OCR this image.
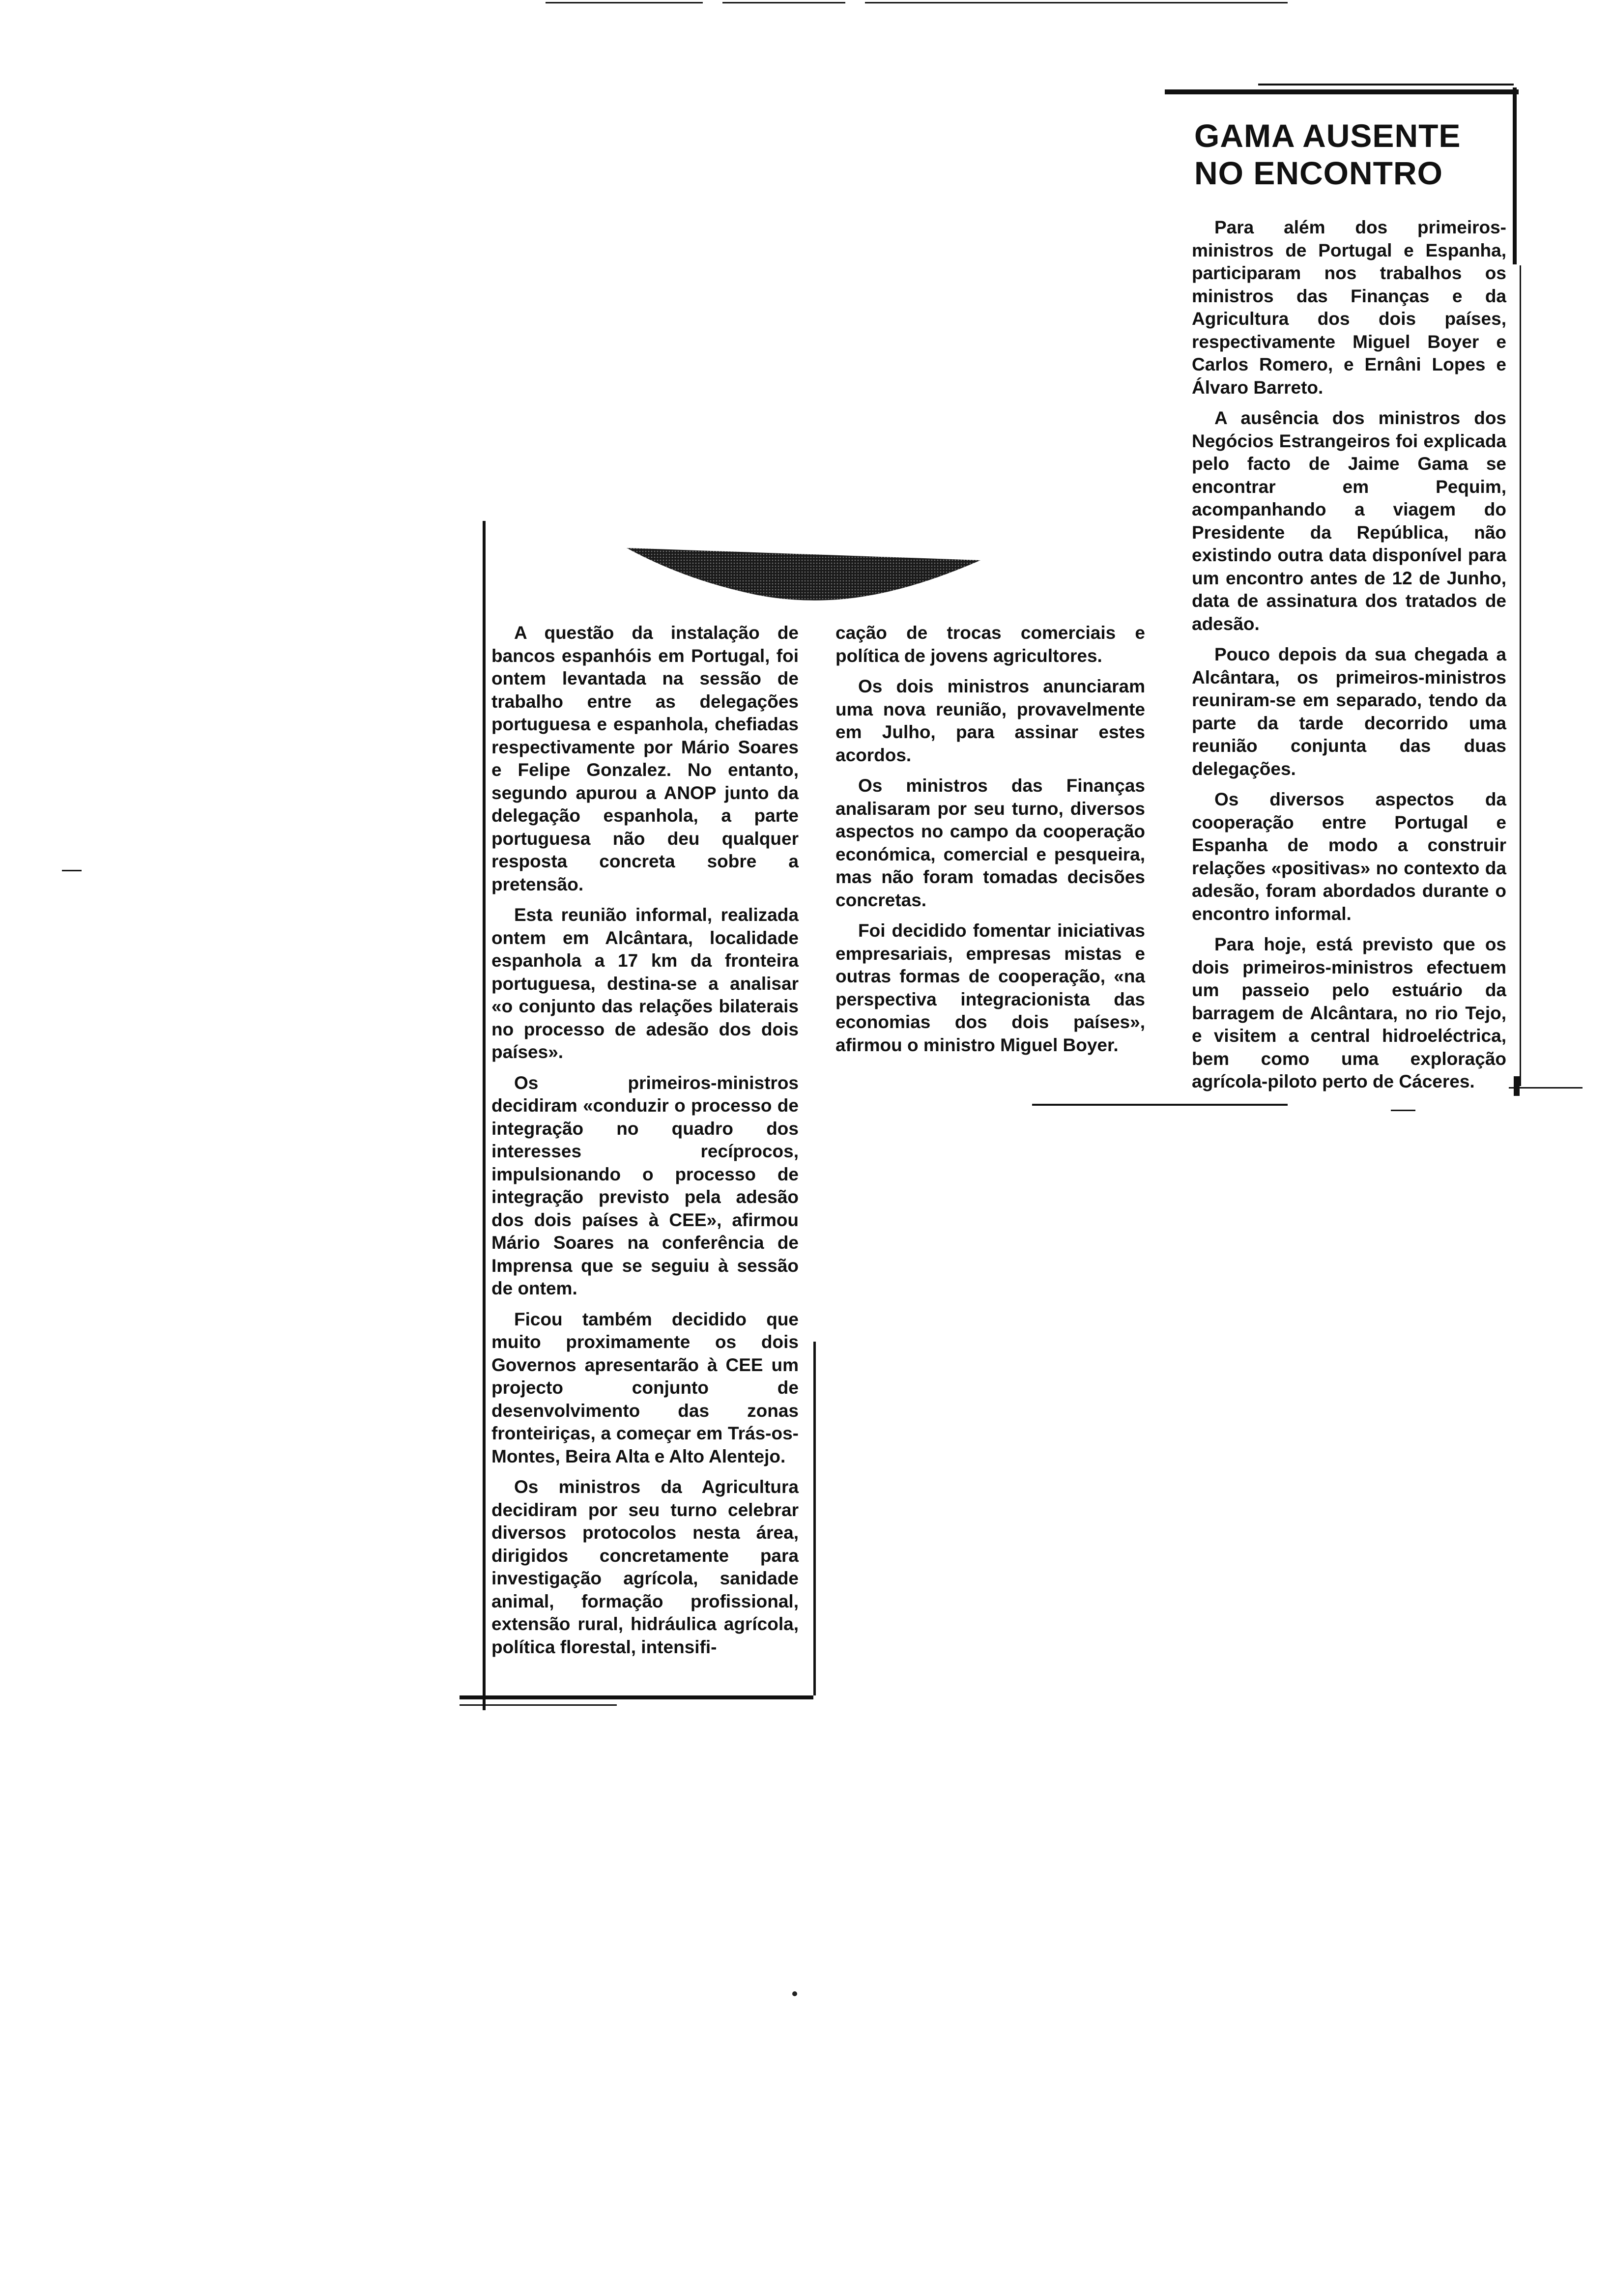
GAMA AUSENTE
NO ENCONTRO

A questão da instalação de bancos espanhóis em Portugal, foi ontem levantada na sessão de trabalho entre as delegações portuguesa e espanhola, chefiadas respectivamente por Mário Soares e Felipe Gonzalez. No entanto, segundo apurou a ANOP junto da delegação espanhola, a parte portuguesa não deu qualquer resposta concreta sobre a pretensão.

Esta reunião informal, realizada ontem em Alcântara, localidade espanhola a 17 km da fronteira portuguesa, destina-se a analisar «o conjunto das relações bilaterais no processo de adesão dos dois países».

Os primeiros-ministros decidiram «conduzir o processo de integração no quadro dos interesses recíprocos, impulsionando o processo de integração previsto pela adesão dos dois países à CEE», afirmou Mário Soares na conferência de Imprensa que se seguiu à sessão de ontem.

Ficou também decidido que muito proximamente os dois Governos apresentarão à CEE um projecto conjunto de desenvolvimento das zonas fronteiriças, a começar em Trás-os-Montes, Beira Alta e Alto Alentejo.

Os ministros da Agricultura decidiram por seu turno celebrar diversos protocolos nesta área, dirigidos concretamente para investigação agrícola, sanidade animal, formação profissional, extensão rural, hidráulica agrícola, política florestal, intensifi-

cação de trocas comerciais e política de jovens agricultores.

Os dois ministros anunciaram uma nova reunião, provavelmente em Julho, para assinar estes acordos.

Os ministros das Finanças analisaram por seu turno, diversos aspectos no campo da cooperação económica, comercial e pesqueira, mas não foram tomadas decisões concretas.

Foi decidido fomentar iniciativas empresariais, empresas mistas e outras formas de cooperação, «na perspectiva integracionista das economias dos dois países», afirmou o ministro Miguel Boyer.

Para além dos primeiros-ministros de Portugal e Espanha, participaram nos trabalhos os ministros das Finanças e da Agricultura dos dois países, respectivamente Miguel Boyer e Carlos Romero, e Ernâni Lopes e Álvaro Barreto.

A ausência dos ministros dos Negócios Estrangeiros foi explicada pelo facto de Jaime Gama se encontrar em Pequim, acompanhando a viagem do Presidente da República, não existindo outra data disponível para um encontro antes de 12 de Junho, data de assinatura dos tratados de adesão.

Pouco depois da sua chegada a Alcântara, os primeiros-ministros reuniram-se em separado, tendo da parte da tarde decorrido uma reunião conjunta das duas delegações.

Os diversos aspectos da cooperação entre Portugal e Espanha de modo a construir relações «positivas» no contexto da adesão, foram abordados durante o encontro informal.

Para hoje, está previsto que os dois primeiros-ministros efectuem um passeio pelo estuário da barragem de Alcântara, no rio Tejo, e visitem a central hidroeléctrica, bem como uma exploração agrícola-piloto perto de Cáceres.
